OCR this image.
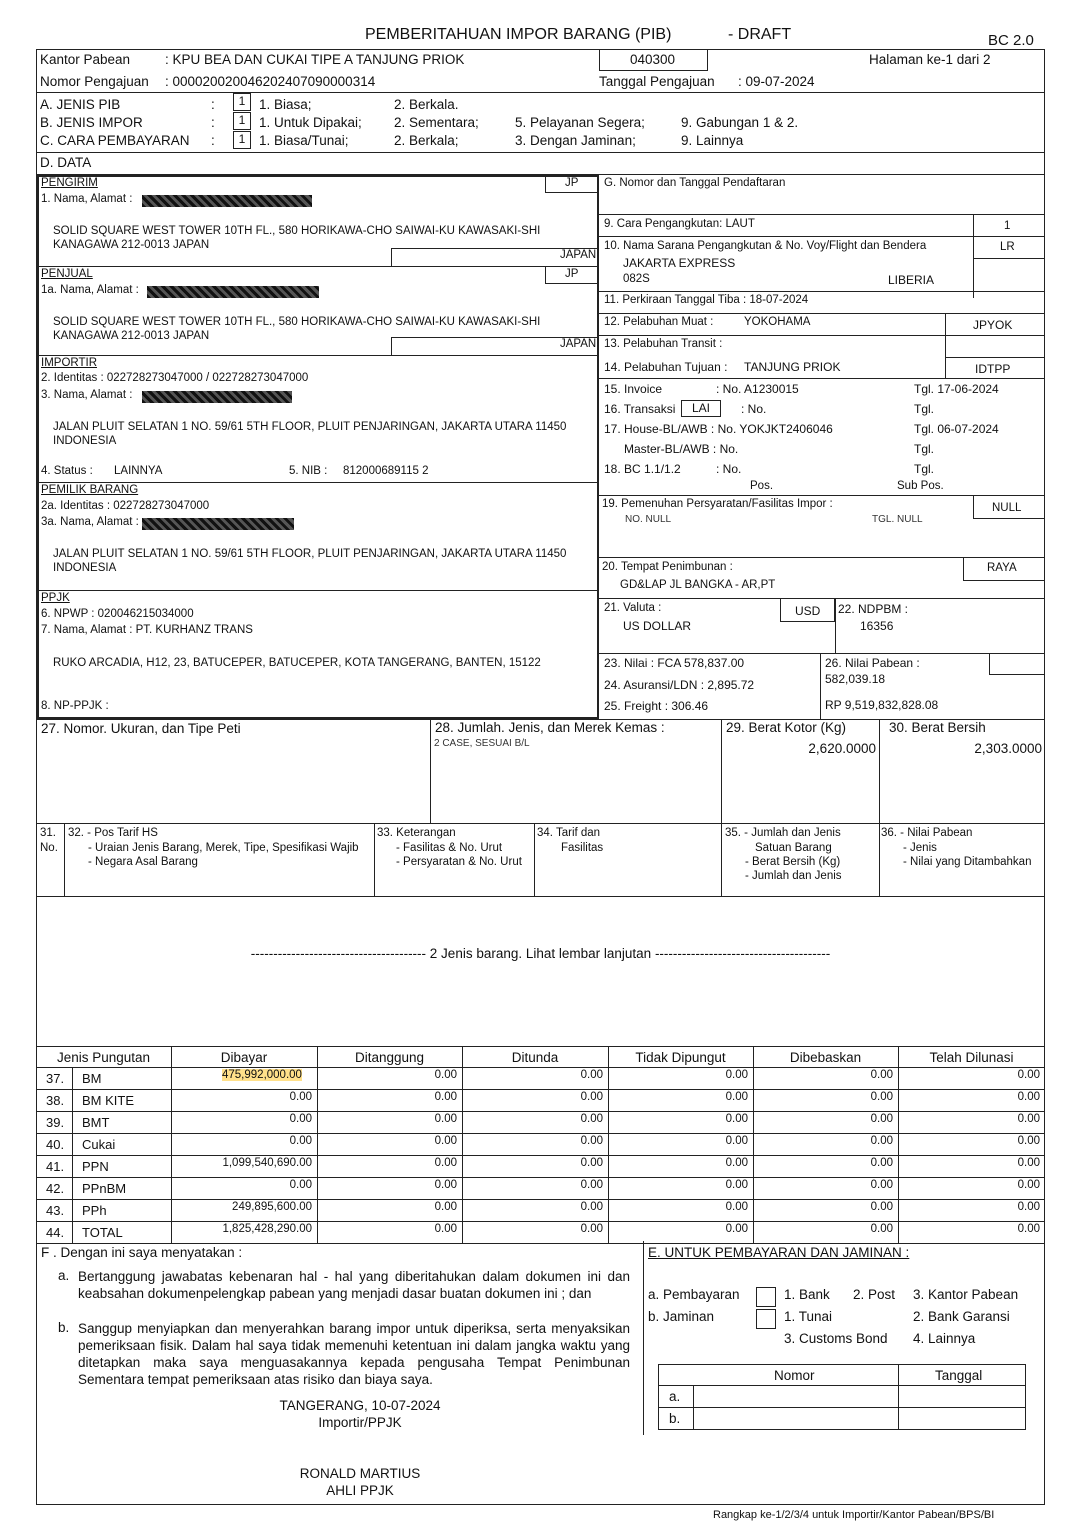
PEMBERITAHUAN IMPOR BARANG (PIB)	- DRAFT	BC 2.0
Kantor Pabean	: KPU BEA DAN CUKAI TIPE A TANJUNG PRIOK	040300	Halaman ke-1 dari 2
Nomor Pengajuan : 000020020046202407090000314	Tanggal Pengajuan : 09-07-2024
A. JENIS PIB	:	1	1. Biasa;	2. Berkala.
B. JENIS IMPOR	:	1	1. Untuk Dipakai; 2. Sementara;	5. Pelayanan Segera;	9. Gabungan 1 & 2.
C. CARA PEMBAYARAN :	1	1. Biasa/Tunai;	2. Berkala;	3. Dengan Jaminan;	9. Lainnya
D. DATA
PENGIRIM	JP
1. Nama, Alamat :
SOLID SQUARE WEST TOWER 10TH FL., 580 HORIKAWA-CHO SAIWAI-KU KAWASAKI-SHI
KANAGAWA 212-0013 JAPAN
JAPAN
PENJUAL	JP
1a. Nama, Alamat :
SOLID SQUARE WEST TOWER 10TH FL., 580 HORIKAWA-CHO SAIWAI-KU KAWASAKI-SHI
KANAGAWA 212-0013 JAPAN
JAPAN
IMPORTIR
2. Identitas : 022728273047000 / 022728273047000
3. Nama, Alamat :
JALAN PLUIT SELATAN 1 NO. 59/61 5TH FLOOR, PLUIT PENJARINGAN, JAKARTA UTARA 11450
INDONESIA
4. Status : LAINNYA	5. NIB : 812000689115 2
PEMILIK BARANG
2a. Identitas : 022728273047000
3a. Nama, Alamat :
JALAN PLUIT SELATAN 1 NO. 59/61 5TH FLOOR, PLUIT PENJARINGAN, JAKARTA UTARA 11450
INDONESIA
PPJK
6. NPWP : 020046215034000
7. Nama, Alamat : PT. KURHANZ TRANS
RUKO ARCADIA, H12, 23, BATUCEPER, BATUCEPER, KOTA TANGERANG, BANTEN, 15122
8. NP-PPJK :
G. Nomor dan Tanggal Pendaftaran
9. Cara Pengangkutan: LAUT	1
10. Nama Sarana Pengangkutan & No. Voy/Flight dan Bendera	LR
JAKARTA EXPRESS
082S	LIBERIA
11. Perkiraan Tanggal Tiba : 18-07-2024
12. Pelabuhan Muat :	YOKOHAMA	JPYOK
13. Pelabuhan Transit :
14. Pelabuhan Tujuan : TANJUNG PRIOK	IDTPP
15. Invoice	: No. A1230015	Tgl. 17-06-2024
16. Transaksi	LAI	: No.	Tgl.
17. House-BL/AWB : No. YOKJKT2406046	Tgl. 06-07-2024
Master-BL/AWB : No.	Tgl.
18. BC 1.1/1.2	: No.	Tgl.
Pos.	Sub Pos.
19. Pemenuhan Persyaratan/Fasilitas Impor :	NULL
NO. NULL	TGL. NULL
20. Tempat Penimbunan :	RAYA
GD&LAP JL BANGKA - AR,PT
21. Valuta :	USD
US DOLLAR
22. NDPBM :
16356
23. Nilai : FCA 578,837.00
24. Asuransi/LDN : 2,895.72
25. Freight : 306.46
26. Nilai Pabean :
582,039.18
RP 9,519,832,828.08
27. Nomor. Ukuran, dan Tipe Peti	28. Jumlah. Jenis, dan Merek Kemas :
2 CASE, SESUAI B/L
29. Berat Kotor (Kg)
2,620.0000
30. Berat Bersih
2,303.0000
31.
No.
32. - Pos Tarif HS
- Uraian Jenis Barang, Merek, Tipe, Spesifikasi Wajib
- Negara Asal Barang
33. Keterangan
- Fasilitas & No. Urut
- Persyaratan & No. Urut
34. Tarif dan
Fasilitas
35. - Jumlah dan Jenis
Satuan Barang
- Berat Bersih (Kg)
- Jumlah dan Jenis
36. - Nilai Pabean
- Jenis
- Nilai yang Ditambahkan
--------------------------------------- 2 Jenis barang. Lihat lembar lanjutan ---------------------------------------
Jenis Pungutan	Dibayar	Ditanggung	Ditunda	Tidak Dipungut	Dibebaskan	Telah Dilunasi
37. BM	475,992,000.00	0.00	0.00	0.00	0.00	0.00
38. BM KITE	0.00	0.00	0.00	0.00	0.00	0.00
39. BMT	0.00	0.00	0.00	0.00	0.00	0.00
40. Cukai	0.00	0.00	0.00	0.00	0.00	0.00
41. PPN	1,099,540,690.00	0.00	0.00	0.00	0.00	0.00
42. PPnBM	0.00	0.00	0.00	0.00	0.00	0.00
43. PPh	249,895,600.00	0.00	0.00	0.00	0.00	0.00
44. TOTAL	1,825,428,290.00	0.00	0.00	0.00	0.00	0.00
F . Dengan ini saya menyatakan :
a. Bertanggung jawabatas kebenaran hal - hal yang diberitahukan dalam dokumen ini dan keabsahan dokumenpelengkap pabean yang menjadi dasar buatan dokumen ini ; dan
b. Sanggup menyiapkan dan menyerahkan barang impor untuk diperiksa, serta menyaksikan pemeriksaan fisik. Dalam hal saya tidak memenuhi ketentuan ini dalam jangka waktu yang ditetapkan maka saya menguasakannya kepada pengusaha Tempat Penimbunan Sementara tempat pemeriksaan atas risiko dan biaya saya.
TANGERANG, 10-07-2024
Importir/PPJK
RONALD MARTIUS
AHLI PPJK
E. UNTUK PEMBAYARAN DAN JAMINAN :
a. Pembayaran	1. Bank 2. Post 3. Kantor Pabean
b. Jaminan	1. Tunai	2. Bank Garansi
3. Customs Bond 4. Lainnya
Nomor	Tanggal
a.
b.
Rangkap ke-1/2/3/4 untuk Importir/Kantor Pabean/BPS/BI
